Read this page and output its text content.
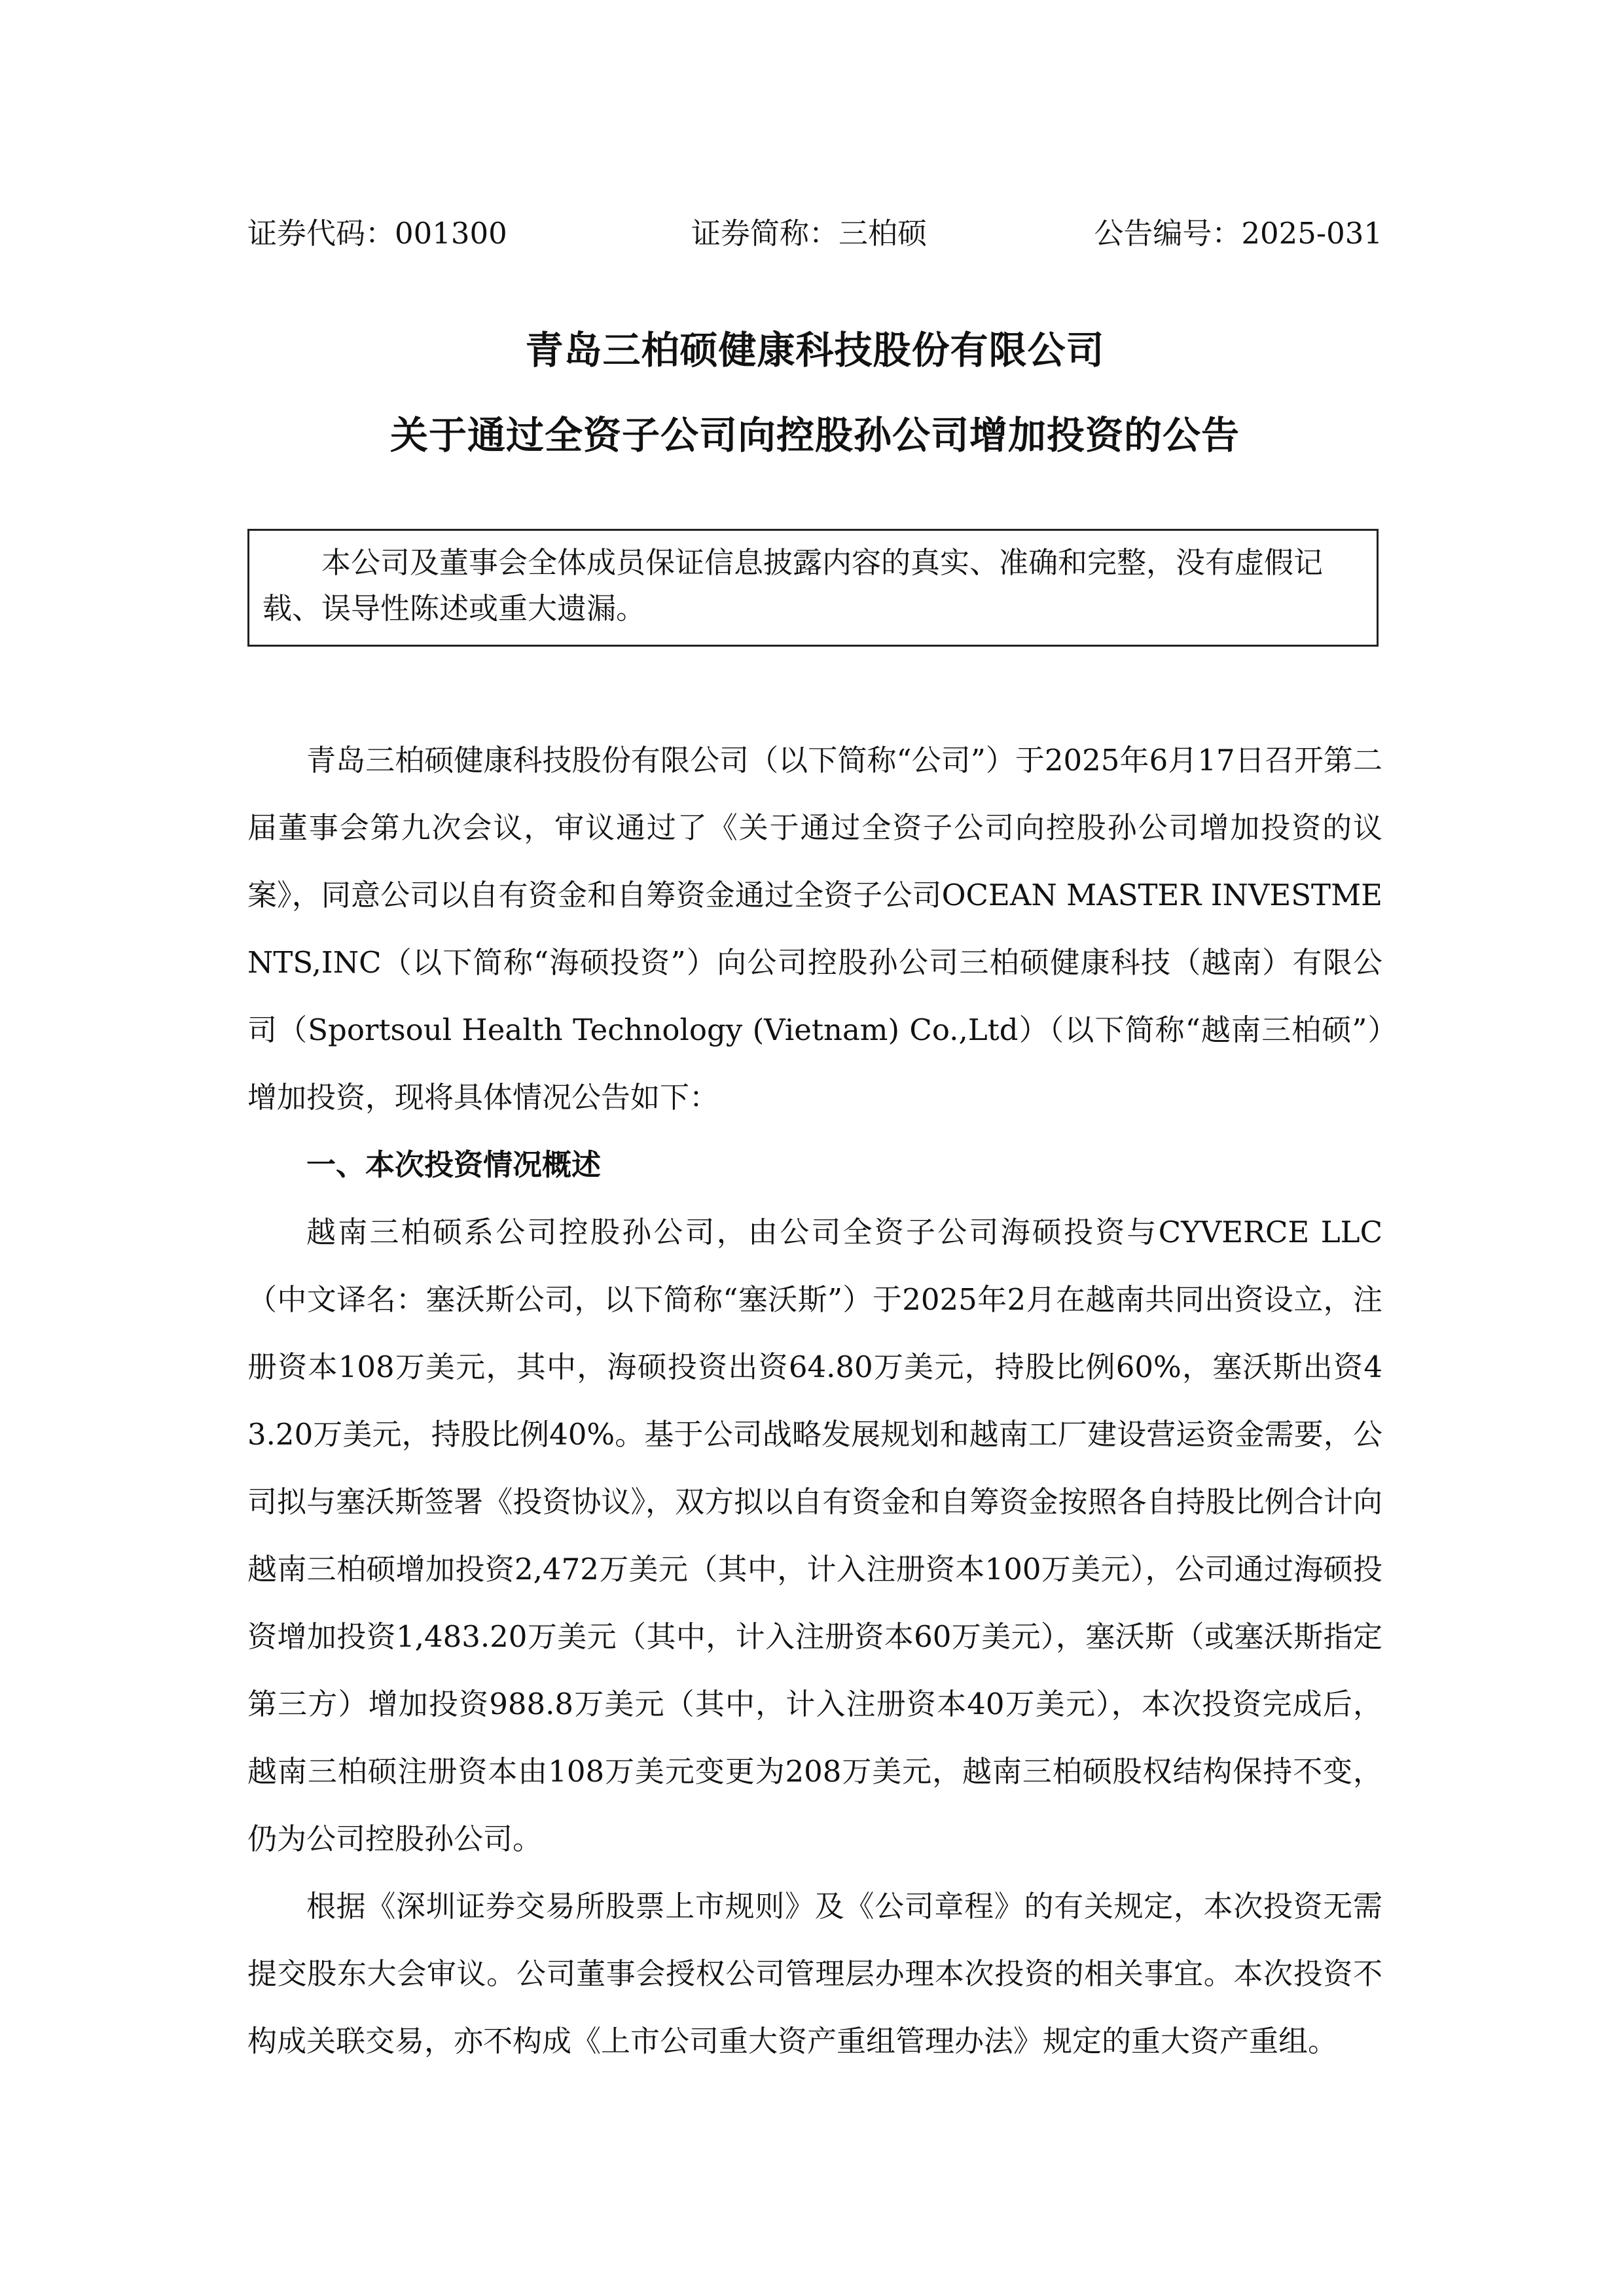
证券代码：001300	证券简称：三柏硕	公告编号：2025-031
青岛三柏硕健康科技股份有限公司
关于通过全资子公司向控股孙公司增加投资的公告
本公司及董事会全体成员保证信息披露内容的真实、准确和完整，没有虚假记载、误导性陈述或重大遗漏。

青岛三柏硕健康科技股份有限公司（以下简称“公司”）于2025年6月17日召开第二届董事会第九次会议，审议通过了《关于通过全资子公司向控股孙公司增加投资的议案》，同意公司以自有资金和自筹资金通过全资子公司OCEAN MASTER INVESTMENTS,INC（以下简称“海硕投资”）向公司控股孙公司三柏硕健康科技（越南）有限公司（Sportsoul Health Technology (Vietnam) Co.,Ltd）（以下简称“越南三柏硕”）增加投资，现将具体情况公告如下：

一、本次投资情况概述

越南三柏硕系公司控股孙公司，由公司全资子公司海硕投资与CYVERCE LLC（中文译名：塞沃斯公司，以下简称“塞沃斯”）于2025年2月在越南共同出资设立，注册资本108万美元，其中，海硕投资出资64.80万美元，持股比例60%，塞沃斯出资43.20万美元，持股比例40%。基于公司战略发展规划和越南工厂建设营运资金需要，公司拟与塞沃斯签署《投资协议》，双方拟以自有资金和自筹资金按照各自持股比例合计向越南三柏硕增加投资2,472万美元（其中，计入注册资本100万美元），公司通过海硕投资增加投资1,483.20万美元（其中，计入注册资本60万美元），塞沃斯（或塞沃斯指定第三方）增加投资988.8万美元（其中，计入注册资本40万美元），本次投资完成后，越南三柏硕注册资本由108万美元变更为208万美元，越南三柏硕股权结构保持不变，仍为公司控股孙公司。

根据《深圳证券交易所股票上市规则》及《公司章程》的有关规定，本次投资无需提交股东大会审议。公司董事会授权公司管理层办理本次投资的相关事宜。本次投资不构成关联交易，亦不构成《上市公司重大资产重组管理办法》规定的重大资产重组。
